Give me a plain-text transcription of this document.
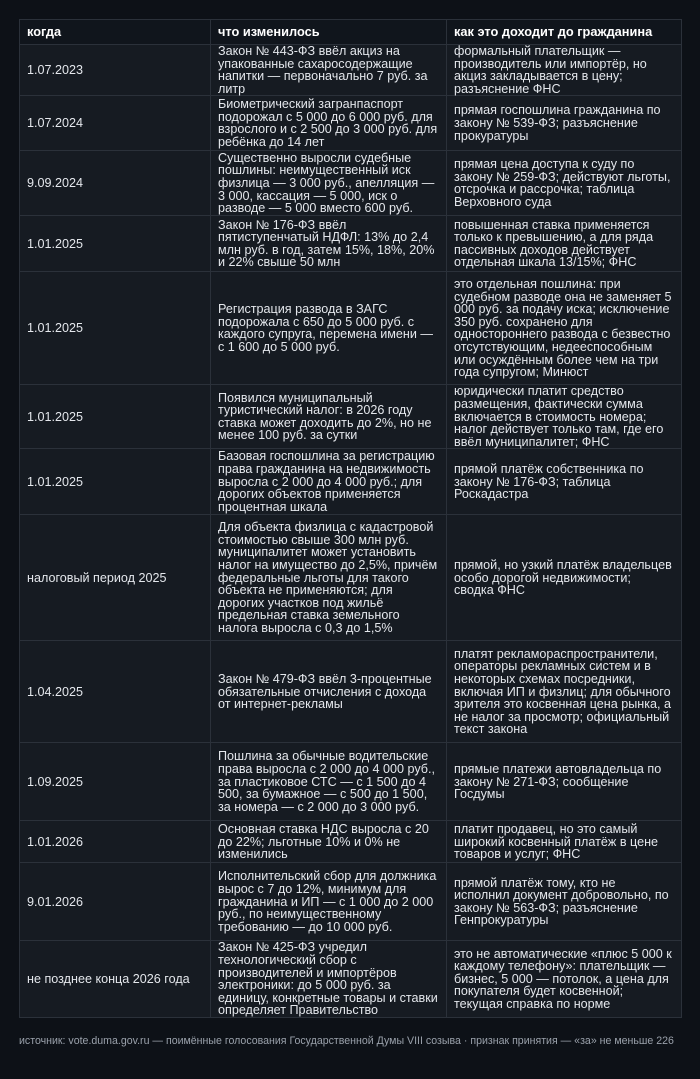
когда	что изменилось	как это доходит до гражданина
1.07.2023	Закон № 443-ФЗ ввёл акциз на упакованные сахаросодержащие напитки — первоначально 7 руб. за литр	формальный плательщик — производитель или импортёр, но акциз закладывается в цену; разъяснение ФНС
1.07.2024	Биометрический загранпаспорт подорожал с 5 000 до 6 000 руб. для взрослого и с 2 500 до 3 000 руб. для ребёнка до 14 лет	прямая госпошлина гражданина по закону № 539-ФЗ; разъяснение прокуратуры
9.09.2024	Существенно выросли судебные пошлины: неимущественный иск физлица — 3 000 руб., апелляция — 3 000, кассация — 5 000, иск о разводе — 5 000 вместо 600 руб.	прямая цена доступа к суду по закону № 259-ФЗ; действуют льготы, отсрочка и рассрочка; таблица Верховного суда
1.01.2025	Закон № 176-ФЗ ввёл пятиступенчатый НДФЛ: 13% до 2,4 млн руб. в год, затем 15%, 18%, 20% и 22% свыше 50 млн	повышенная ставка применяется только к превышению, а для ряда пассивных доходов действует отдельная шкала 13/15%; ФНС
1.01.2025	Регистрация развода в ЗАГС подорожала с 650 до 5 000 руб. с каждого супруга, перемена имени — с 1 600 до 5 000 руб.	это отдельная пошлина: при судебном разводе она не заменяет 5 000 руб. за подачу иска; исключение 350 руб. сохранено для одностороннего развода с безвестно отсутствующим, недееспособным или осуждённым более чем на три года супругом; Минюст
1.01.2025	Появился муниципальный туристический налог: в 2026 году ставка может доходить до 2%, но не менее 100 руб. за сутки	юридически платит средство размещения, фактически сумма включается в стоимость номера; налог действует только там, где его ввёл муниципалитет; ФНС
1.01.2025	Базовая госпошлина за регистрацию права гражданина на недвижимость выросла с 2 000 до 4 000 руб.; для дорогих объектов применяется процентная шкала	прямой платёж собственника по закону № 176-ФЗ; таблица Роскадастра
налоговый период 2025	Для объекта физлица с кадастровой стоимостью свыше 300 млн руб. муниципалитет может установить налог на имущество до 2,5%, причём федеральные льготы для такого объекта не применяются; для дорогих участков под жильё предельная ставка земельного налога выросла с 0,3 до 1,5%	прямой, но узкий платёж владельцев особо дорогой недвижимости; сводка ФНС
1.04.2025	Закон № 479-ФЗ ввёл 3-процентные обязательные отчисления с дохода от интернет-рекламы	платят рекламораспространители, операторы рекламных систем и в некоторых схемах посредники, включая ИП и физлиц; для обычного зрителя это косвенная цена рынка, а не налог за просмотр; официальный текст закона
1.09.2025	Пошлина за обычные водительские права выросла с 2 000 до 4 000 руб., за пластиковое СТС — с 1 500 до 4 500, за бумажное — с 500 до 1 500, за номера — с 2 000 до 3 000 руб.	прямые платежи автовладельца по закону № 271-ФЗ; сообщение Госдумы
1.01.2026	Основная ставка НДС выросла с 20 до 22%; льготные 10% и 0% не изменились	платит продавец, но это самый широкий косвенный платёж в цене товаров и услуг; ФНС
9.01.2026	Исполнительский сбор для должника вырос с 7 до 12%, минимум для гражданина и ИП — с 1 000 до 2 000 руб., по неимущественному требованию — до 10 000 руб.	прямой платёж тому, кто не исполнил документ добровольно, по закону № 563-ФЗ; разъяснение Генпрокуратуры
не позднее конца 2026 года	Закон № 425-ФЗ учредил технологический сбор с производителей и импортёров электроники: до 5 000 руб. за единицу, конкретные товары и ставки определяет Правительство	это не автоматические «плюс 5 000 к каждому телефону»: плательщик — бизнес, 5 000 — потолок, а цена для покупателя будет косвенной; текущая справка по норме
источник: vote.duma.gov.ru — поимённые голосования Государственной Думы VIII созыва · признак принятия — «за» не меньше 226
